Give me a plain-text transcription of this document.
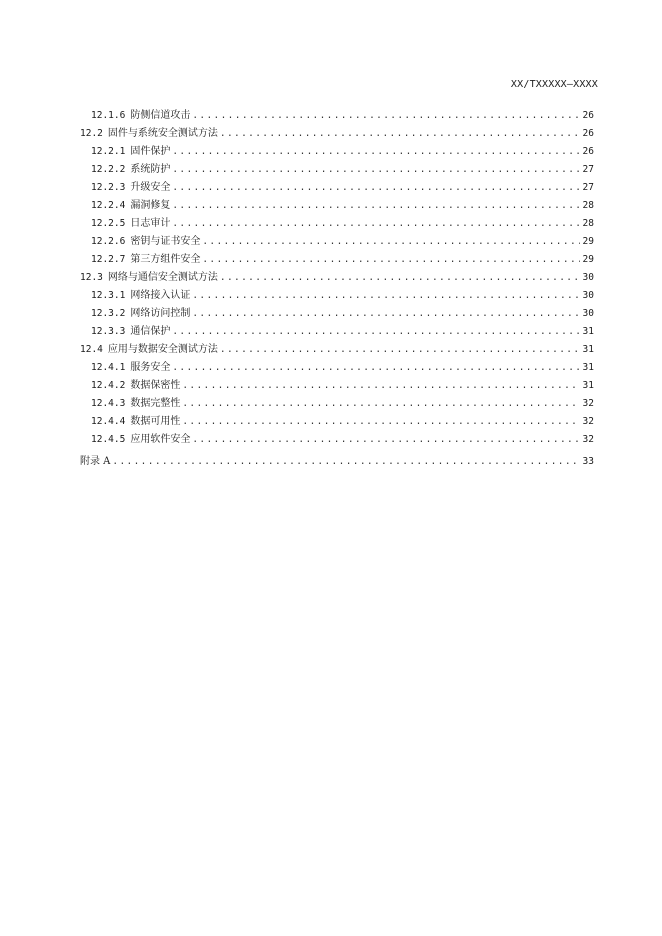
XX/TXXXXX—XXXX
12.1.6 防侧信道攻击 .....	26
12.2 固件与系统安全测试方法 .....	26
12.2.1 固件保护 .....	26
12.2.2 系统防护 .....	27
12.2.3 升级安全 .....	27
12.2.4 漏洞修复 .....	28
12.2.5 日志审计 .....	28
12.2.6 密钥与证书安全 .....	29
12.2.7 第三方组件安全 .....	29
12.3 网络与通信安全测试方法 .....	30
12.3.1 网络接入认证 .....	30
12.3.2 网络访问控制 .....	30
12.3.3 通信保护 .....	31
12.4 应用与数据安全测试方法 .....	31
12.4.1 服务安全 .....	31
12.4.2 数据保密性 .....	31
12.4.3 数据完整性 .....	32
12.4.4 数据可用性 .....	32
12.4.5 应用软件安全 .....	32
附录 A .....	33
